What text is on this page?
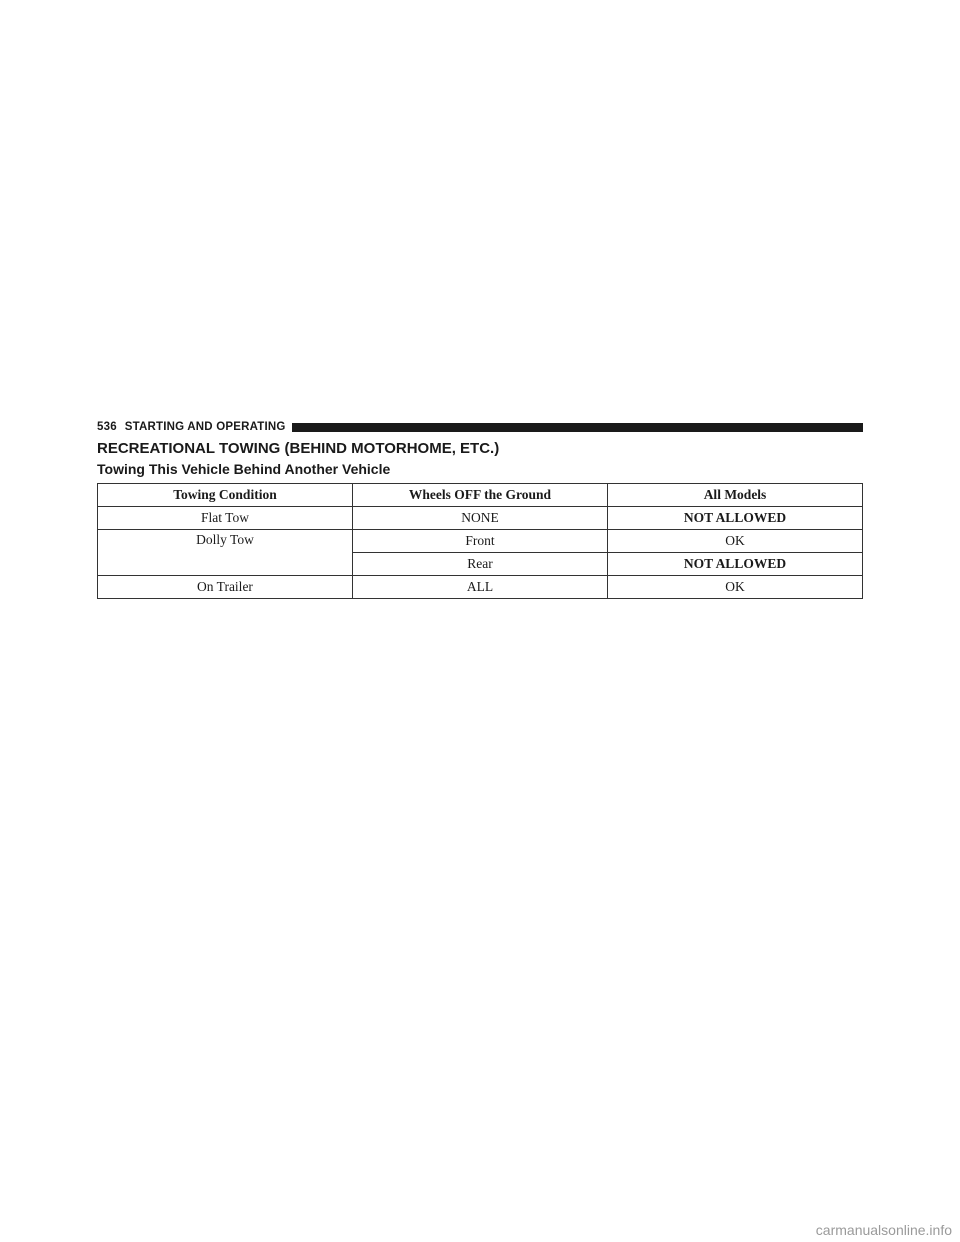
536 STARTING AND OPERATING
RECREATIONAL TOWING (BEHIND MOTORHOME, ETC.)
Towing This Vehicle Behind Another Vehicle
Towing Condition	Wheels OFF the Ground	All Models
Flat Tow	NONE	NOT ALLOWED
Dolly Tow	Front	OK
	Rear	NOT ALLOWED
On Trailer	ALL	OK
carmanualsonline.info
